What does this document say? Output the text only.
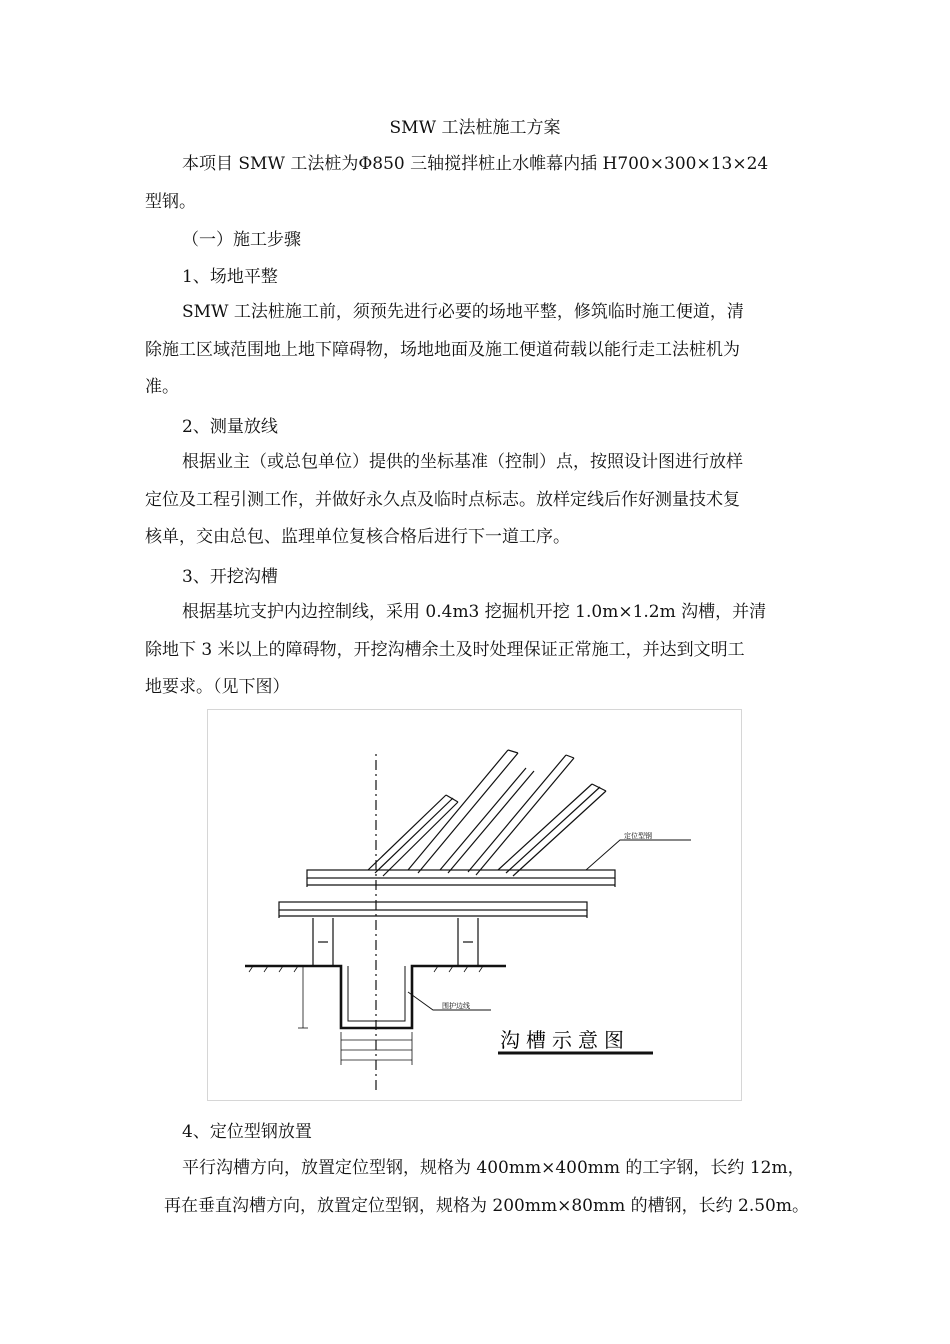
SMW 工法桩施工方案

本项目 SMW 工法桩为Φ850 三轴搅拌桩止水帷幕内插 H700×300×13×24
型钢。

（一）施工步骤

1、场地平整

SMW 工法桩施工前，须预先进行必要的场地平整，修筑临时施工便道，清
除施工区域范围地上地下障碍物，场地地面及施工便道荷载以能行走工法桩机为
准。

2、测量放线

根据业主（或总包单位）提供的坐标基准（控制）点，按照设计图进行放样
定位及工程引测工作，并做好永久点及临时点标志。放样定线后作好测量技术复
核单，交由总包、监理单位复核合格后进行下一道工序。

3、开挖沟槽

根据基坑支护内边控制线，采用 0.4m3 挖掘机开挖 1.0m×1.2m 沟槽，并清
除地下 3 米以上的障碍物，开挖沟槽余土及时处理保证正常施工，并达到文明工
地要求。（见下图）

定位型钢
围护边线
沟槽示意图

4、定位型钢放置

平行沟槽方向，放置定位型钢，规格为 400mm×400mm 的工字钢，长约 12m，
再在垂直沟槽方向，放置定位型钢，规格为 200mm×80mm 的槽钢，长约 2.50m。
